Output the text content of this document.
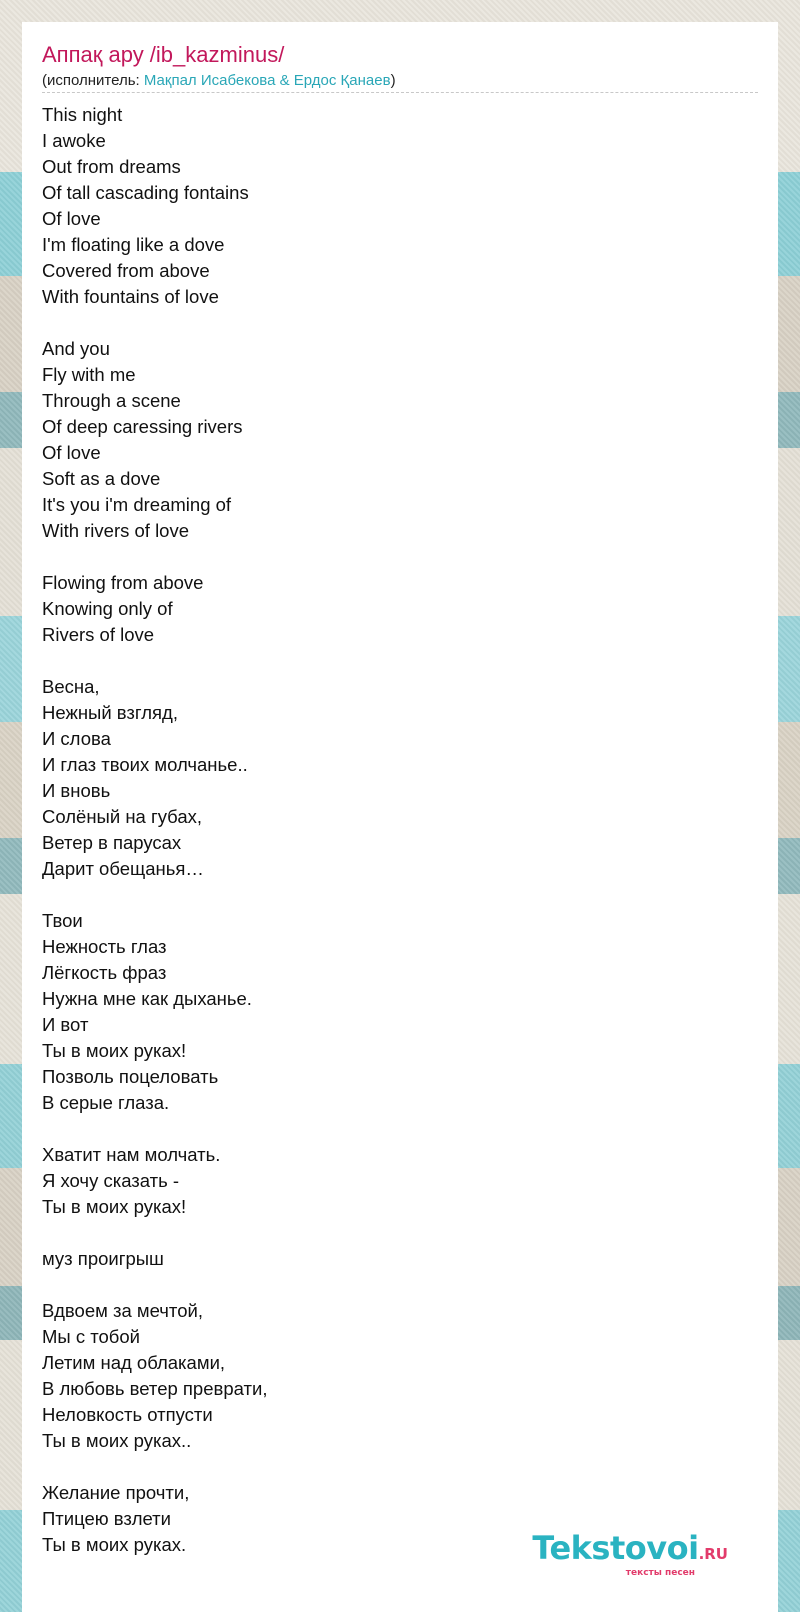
Аппақ ару /ib_kazminus/
(исполнитель: Мақпал Исабекова & Ердос Қанаев)
This night
I awoke
Out from dreams
Of tall cascading fontains
Of love
I'm floating like a dove
Covered from above
With fountains of love
And you
Fly with me
Through a scene
Of deep caressing rivers
Of love
Soft as a dove
It's you i'm dreaming of
With rivers of love
Flowing from above
Knowing only of
Rivers of love
Весна,
Нежный взгляд,
И слова
И глаз твоих молчанье..
И вновь
Солёный на губах,
Ветер в парусах
Дарит обещанья…
Твои
Нежность глаз
Лёгкость фраз
Нужна мне как дыханье.
И вот
Ты в моих руках!
Позволь поцеловать
В серые глаза.
Хватит нам молчать.
Я хочу сказать -
Ты в моих руках!
муз проигрыш
Вдвоем за мечтой,
Мы с тобой
Летим над облаками,
В любовь ветер преврати,
Неловкость отпусти
Ты в моих руках..
Желание прочти,
Птицею взлети
Ты в моих руках.	Tekstovoi.RU
тексты песен
